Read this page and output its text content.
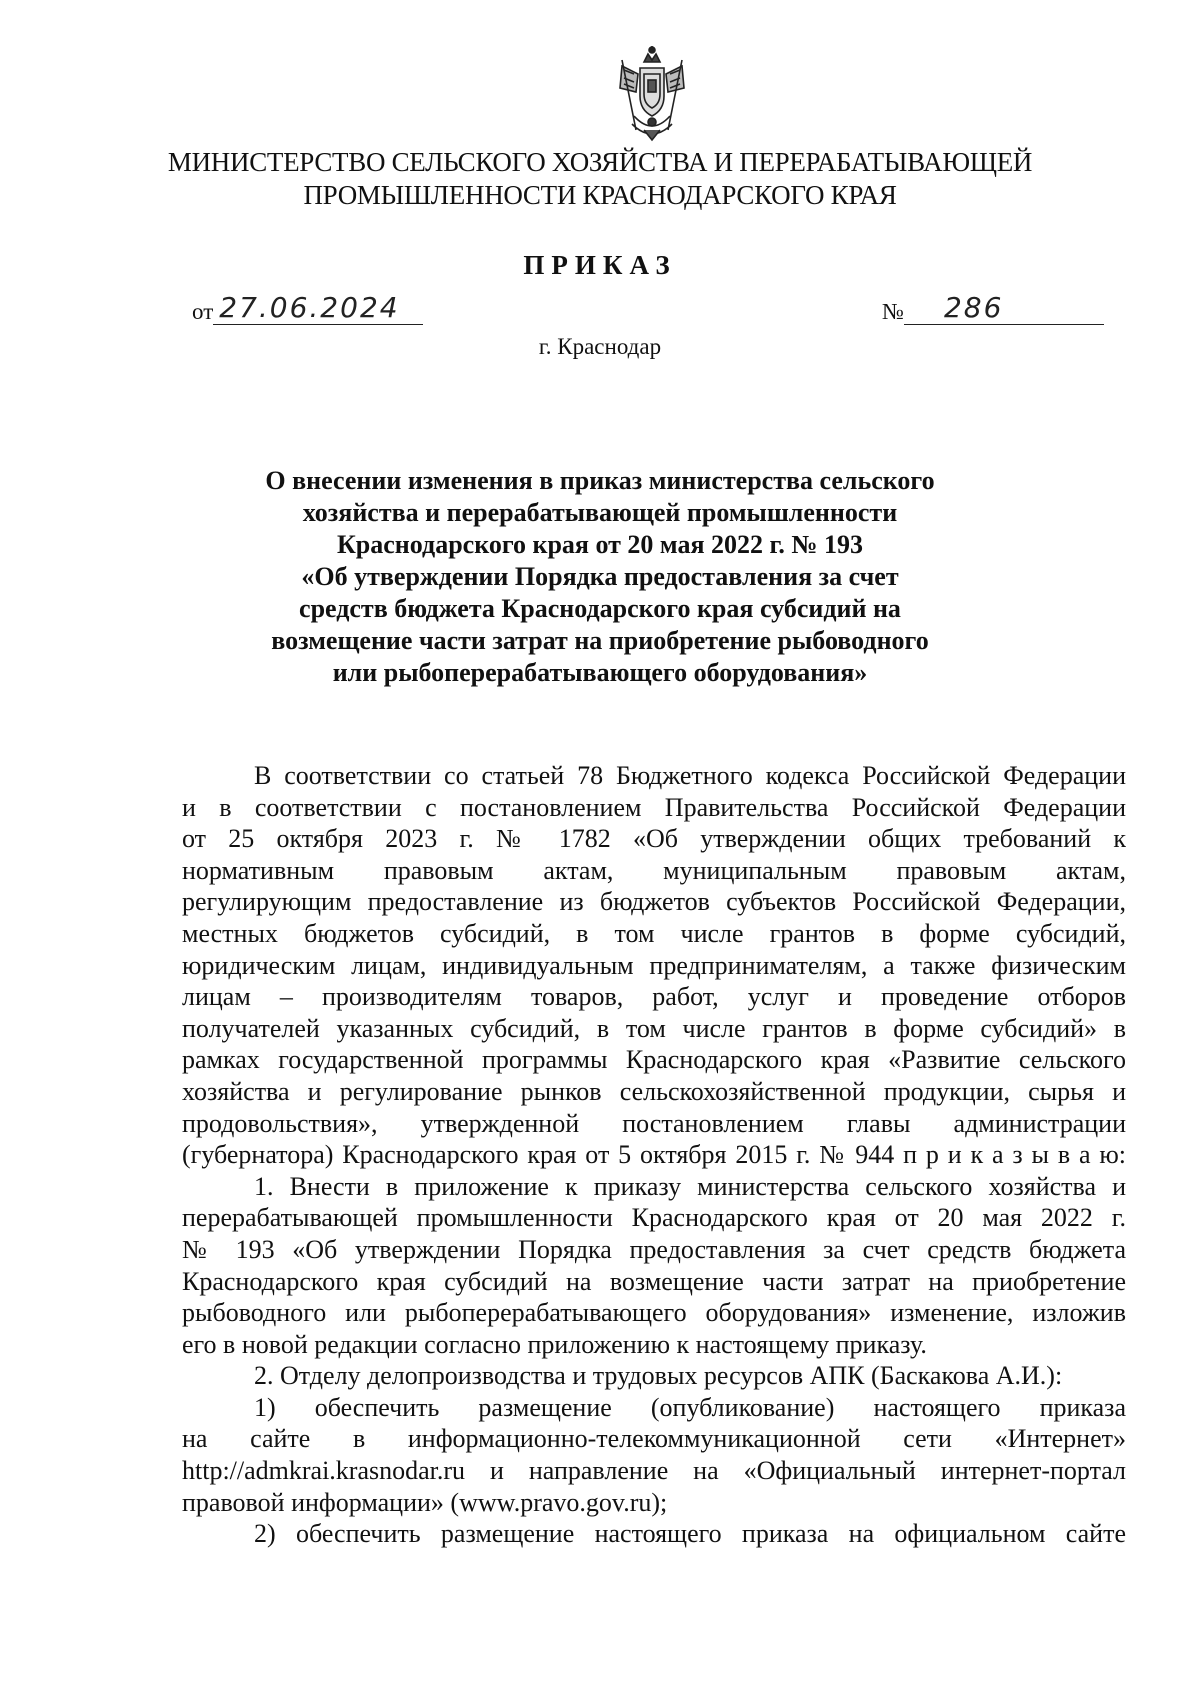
МИНИСТЕРСТВО СЕЛЬСКОГО ХОЗЯЙСТВА И ПЕРЕРАБАТЫВАЮЩЕЙ
ПРОМЫШЛЕННОСТИ КРАСНОДАРСКОГО КРАЯ
ПРИКАЗ
от 27.06.2024	№ 286
г. Краснодар
О внесении изменения в приказ министерства сельского
хозяйства и перерабатывающей промышленности
Краснодарского края от 20 мая 2022 г. № 193
«Об утверждении Порядка предоставления за счет
средств бюджета Краснодарского края субсидий на
возмещение части затрат на приобретение рыбоводного
или рыбоперерабатывающего оборудования»
В соответствии со статьей 78 Бюджетного кодекса Российской Федерации
и в соответствии с постановлением Правительства Российской Федерации
от 25 октября 2023 г. № 1782 «Об утверждении общих требований к
нормативным правовым актам, муниципальным правовым актам,
регулирующим предоставление из бюджетов субъектов Российской Федерации,
местных бюджетов субсидий, в том числе грантов в форме субсидий,
юридическим лицам, индивидуальным предпринимателям, а также физическим
лицам – производителям товаров, работ, услуг и проведение отборов
получателей указанных субсидий, в том числе грантов в форме субсидий» в
рамках государственной программы Краснодарского края «Развитие сельского
хозяйства и регулирование рынков сельскохозяйственной продукции, сырья и
продовольствия», утвержденной постановлением главы администрации
(губернатора) Краснодарского края от 5 октября 2015 г. № 944 п р и к а з ы в а ю:
1. Внести в приложение к приказу министерства сельского хозяйства и
перерабатывающей промышленности Краснодарского края от 20 мая 2022 г.
№ 193 «Об утверждении Порядка предоставления за счет средств бюджета
Краснодарского края субсидий на возмещение части затрат на приобретение
рыбоводного или рыбоперерабатывающего оборудования» изменение, изложив
его в новой редакции согласно приложению к настоящему приказу.
2. Отделу делопроизводства и трудовых ресурсов АПК (Баскакова А.И.):
1) обеспечить размещение (опубликование) настоящего приказа
на сайте в информационно-телекоммуникационной сети «Интернет»
http://admkrai.krasnodar.ru и направление на «Официальный интернет-портал
правовой информации» (www.pravo.gov.ru);
2) обеспечить размещение настоящего приказа на официальном сайте
